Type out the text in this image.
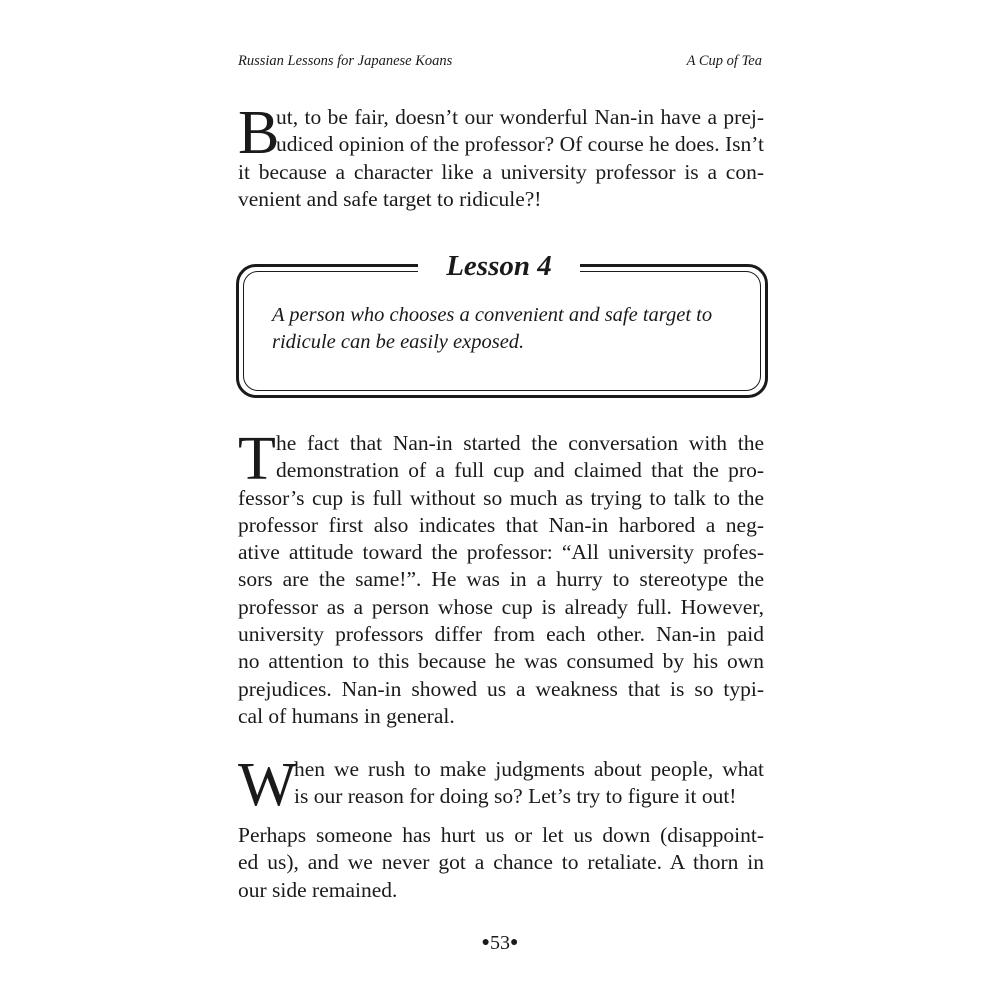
Russian Lessons for Japanese Koans	A Cup of Tea
B
ut, to be fair, doesn’t our wonderful Nan-in have a prej-
udiced opinion of the professor? Of course he does. Isn’t
it because a character like a university professor is a con-
venient and safe target to ridicule?!
Lesson 4
A person who chooses a convenient and safe target to
ridicule can be easily exposed.
T he fact that Nan-in started the conversation with the
demonstration of a full cup and claimed that the pro-
fessor’s cup is full without so much as trying to talk to the
professor first also indicates that Nan-in harbored a neg-
ative attitude toward the professor: “All university profes-
sors are the same!”. He was in a hurry to stereotype the
professor as a person whose cup is already full. However,
university professors differ from each other. Nan-in paid
no attention to this because he was consumed by his own
prejudices. Nan-in showed us a weakness that is so typi-
cal of humans in general.
W
hen we rush to make judgments about people, what
is our reason for doing so? Let’s try to figure it out!
Perhaps someone has hurt us or let us down (disappoint-
ed us), and we never got a chance to retaliate. A thorn in
our side remained.
●53●
